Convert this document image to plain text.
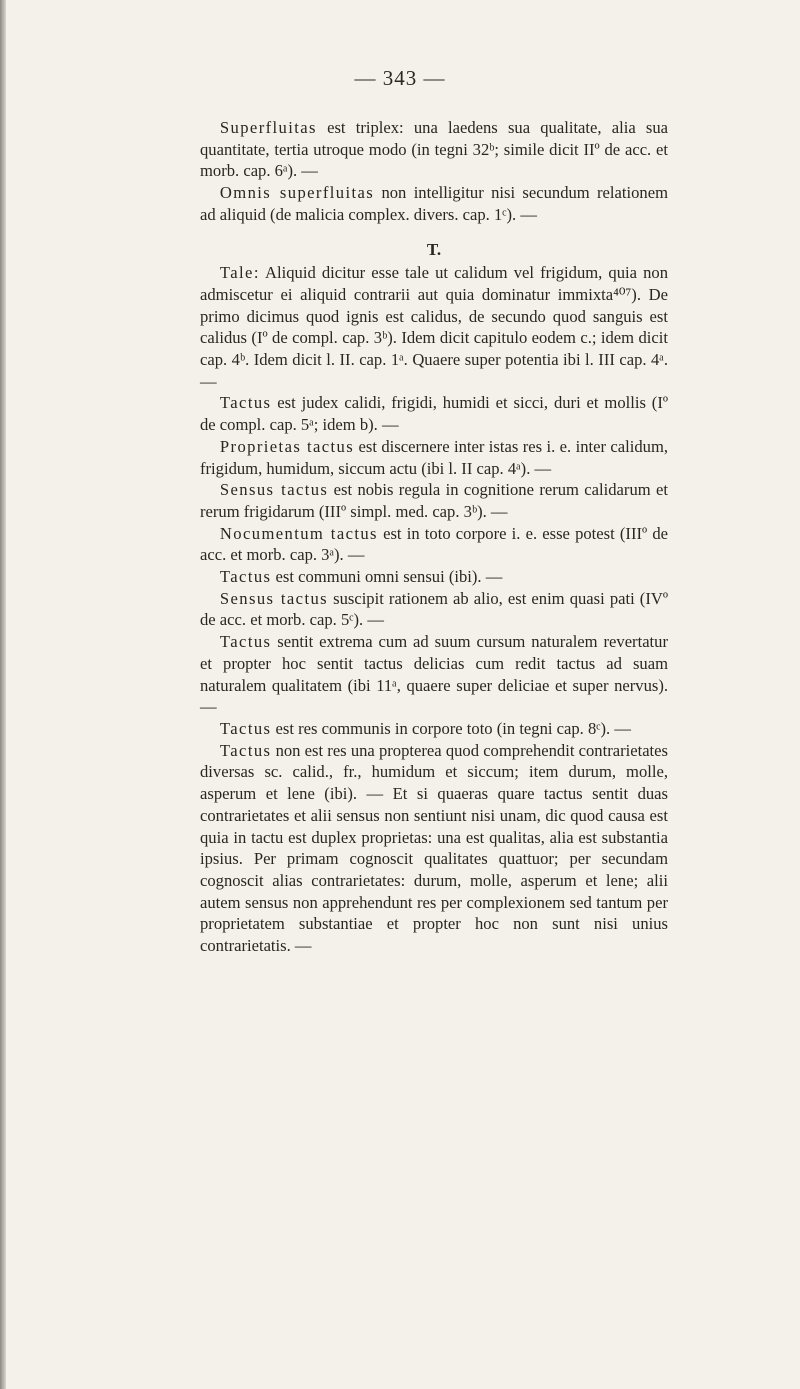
— 343 —

Superfluitas est triplex: una laedens sua qualitate, alia sua quantitate, tertia utroque modo (in tegni 32ᵇ; simile dicit IIº de acc. et morb. cap. 6ᵃ). —

Omnis superfluitas non intelligitur nisi secundum relationem ad aliquid (de malicia complex. divers. cap. 1ᶜ). —

T.

Tale: Aliquid dicitur esse tale ut calidum vel frigidum, quia non admiscetur ei aliquid contrarii aut quia dominatur immixta⁴⁰⁷). De primo dicimus quod ignis est calidus, de secundo quod sanguis est calidus (Iº de compl. cap. 3ᵇ). Idem dicit capitulo eodem c.; idem dicit cap. 4ᵇ. Idem dicit l. II. cap. 1ᵃ. Quaere super potentia ibi l. III cap. 4ᵃ. —

Tactus est judex calidi, frigidi, humidi et sicci, duri et mollis (Iº de compl. cap. 5ᵃ; idem b). —

Proprietas tactus est discernere inter istas res i. e. inter calidum, frigidum, humidum, siccum actu (ibi l. II cap. 4ᵃ). —

Sensus tactus est nobis regula in cognitione rerum calidarum et rerum frigidarum (IIIº simpl. med. cap. 3ᵇ). —

Nocumentum tactus est in toto corpore i. e. esse potest (IIIº de acc. et morb. cap. 3ᵃ). —

Tactus est communi omni sensui (ibi). —

Sensus tactus suscipit rationem ab alio, est enim quasi pati (IVº de acc. et morb. cap. 5ᶜ). —

Tactus sentit extrema cum ad suum cursum naturalem revertatur et propter hoc sentit tactus delicias cum redit tactus ad suam naturalem qualitatem (ibi 11ᵃ, quaere super deliciae et super nervus). —

Tactus est res communis in corpore toto (in tegni cap. 8ᶜ). —

Tactus non est res una propterea quod comprehendit contrarietates diversas sc. calid., fr., humidum et siccum; item durum, molle, asperum et lene (ibi). — Et si quaeras quare tactus sentit duas contrarietates et alii sensus non sentiunt nisi unam, dic quod causa est quia in tactu est duplex proprietas: una est qualitas, alia est substantia ipsius. Per primam cognoscit qualitates quattuor; per secundam cognoscit alias contrarietates: durum, molle, asperum et lene; alii autem sensus non apprehendunt res per complexionem sed tantum per proprietatem substantiae et propter hoc non sunt nisi unius contrarietatis. —
